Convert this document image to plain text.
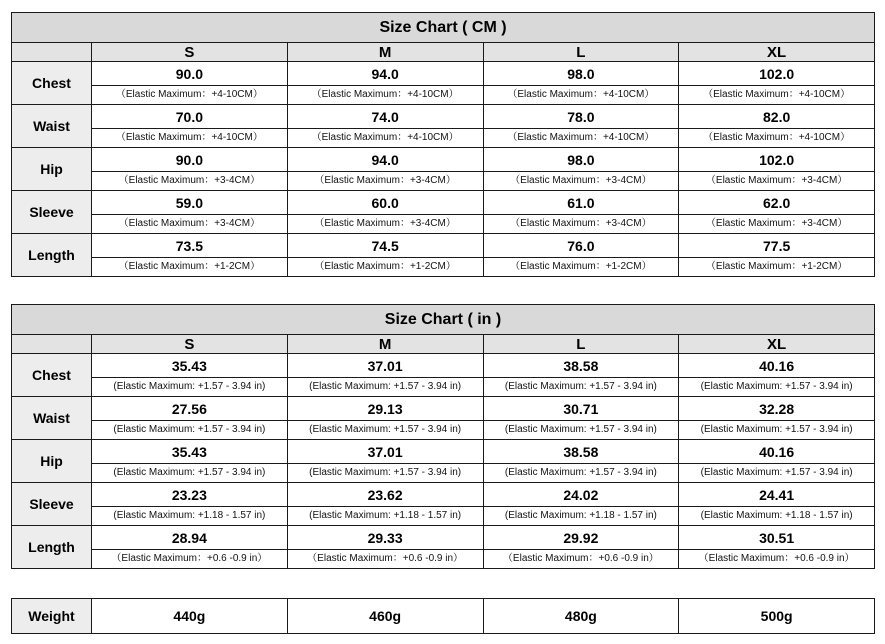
Size Chart ( CM )				
	S	M	L	XL
Chest	90.0	94.0	98.0	102.0
	（Elastic Maximum：+4-10CM）	（Elastic Maximum：+4-10CM）	（Elastic Maximum：+4-10CM）	（Elastic Maximum：+4-10CM）
Waist	70.0	74.0	78.0	82.0
	（Elastic Maximum：+4-10CM）	（Elastic Maximum：+4-10CM）	（Elastic Maximum：+4-10CM）	（Elastic Maximum：+4-10CM）
Hip	90.0	94.0	98.0	102.0
	（Elastic Maximum：+3-4CM）	（Elastic Maximum：+3-4CM）	（Elastic Maximum：+3-4CM）	（Elastic Maximum：+3-4CM）
Sleeve	59.0	60.0	61.0	62.0
	（Elastic Maximum：+3-4CM）	（Elastic Maximum：+3-4CM）	（Elastic Maximum：+3-4CM）	（Elastic Maximum：+3-4CM）
Length	73.5	74.5	76.0	77.5
	（Elastic Maximum：+1-2CM）	（Elastic Maximum：+1-2CM）	（Elastic Maximum：+1-2CM）	（Elastic Maximum：+1-2CM）
Size Chart ( in )				
	S	M	L	XL
Chest	35.43	37.01	38.58	40.16
	(Elastic Maximum: +1.57 - 3.94 in)	(Elastic Maximum: +1.57 - 3.94 in)	(Elastic Maximum: +1.57 - 3.94 in)	(Elastic Maximum: +1.57 - 3.94 in)
Waist	27.56	29.13	30.71	32.28
	(Elastic Maximum: +1.57 - 3.94 in)	(Elastic Maximum: +1.57 - 3.94 in)	(Elastic Maximum: +1.57 - 3.94 in)	(Elastic Maximum: +1.57 - 3.94 in)
Hip	35.43	37.01	38.58	40.16
	(Elastic Maximum: +1.57 - 3.94 in)	(Elastic Maximum: +1.57 - 3.94 in)	(Elastic Maximum: +1.57 - 3.94 in)	(Elastic Maximum: +1.57 - 3.94 in)
Sleeve	23.23	23.62	24.02	24.41
	(Elastic Maximum: +1.18 - 1.57 in)	(Elastic Maximum: +1.18 - 1.57 in)	(Elastic Maximum: +1.18 - 1.57 in)	(Elastic Maximum: +1.18 - 1.57 in)
Length	28.94	29.33	29.92	30.51
	（Elastic Maximum：+0.6 -0.9 in）	（Elastic Maximum：+0.6 -0.9 in）	（Elastic Maximum：+0.6 -0.9 in）	（Elastic Maximum：+0.6 -0.9 in）
Weight	440g	460g	480g	500g
